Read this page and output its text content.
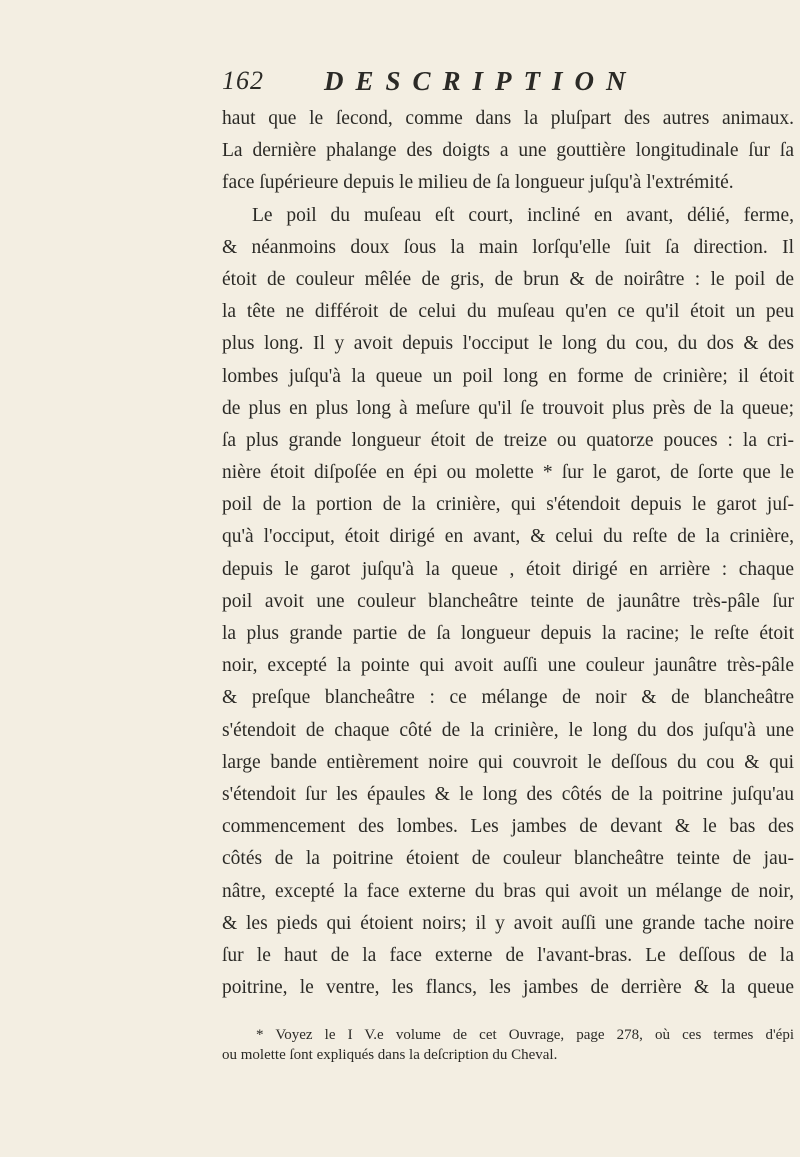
162 DESCRIPTION
haut que le ſecond, comme dans la pluſpart des autres animaux.
La dernière phalange des doigts a une gouttière longitudinale ſur ſa
face ſupérieure depuis le milieu de ſa longueur juſqu'à l'extrémité.
Le poil du muſeau eſt court, incliné en avant, délié, ferme,
& néanmoins doux ſous la main lorſqu'elle ſuit ſa direction. Il
étoit de couleur mêlée de gris, de brun & de noirâtre : le poil de
la tête ne différoit de celui du muſeau qu'en ce qu'il étoit un peu
plus long. Il y avoit depuis l'occiput le long du cou, du dos & des
lombes juſqu'à la queue un poil long en forme de crinière; il étoit
de plus en plus long à meſure qu'il ſe trouvoit plus près de la queue;
ſa plus grande longueur étoit de treize ou quatorze pouces : la cri-
nière étoit diſpoſée en épi ou molette * ſur le garot, de ſorte que le
poil de la portion de la crinière, qui s'étendoit depuis le garot juſ-
qu'à l'occiput, étoit dirigé en avant, & celui du reſte de la crinière,
depuis le garot juſqu'à la queue , étoit dirigé en arrière : chaque
poil avoit une couleur blancheâtre teinte de jaunâtre très-pâle ſur
la plus grande partie de ſa longueur depuis la racine; le reſte étoit
noir, excepté la pointe qui avoit auſſi une couleur jaunâtre très-pâle
& preſque blancheâtre : ce mélange de noir & de blancheâtre
s'étendoit de chaque côté de la crinière, le long du dos juſqu'à une
large bande entièrement noire qui couvroit le deſſous du cou & qui
s'étendoit ſur les épaules & le long des côtés de la poitrine juſqu'au
commencement des lombes. Les jambes de devant & le bas des
côtés de la poitrine étoient de couleur blancheâtre teinte de jau-
nâtre, excepté la face externe du bras qui avoit un mélange de noir,
& les pieds qui étoient noirs; il y avoit auſſi une grande tache noire
ſur le haut de la face externe de l'avant-bras. Le deſſous de la
poitrine, le ventre, les flancs, les jambes de derrière & la queue
* Voyez le I V.e volume de cet Ouvrage, page 278, où ces termes d'épi
ou molette ſont expliqués dans la deſcription du Cheval.
